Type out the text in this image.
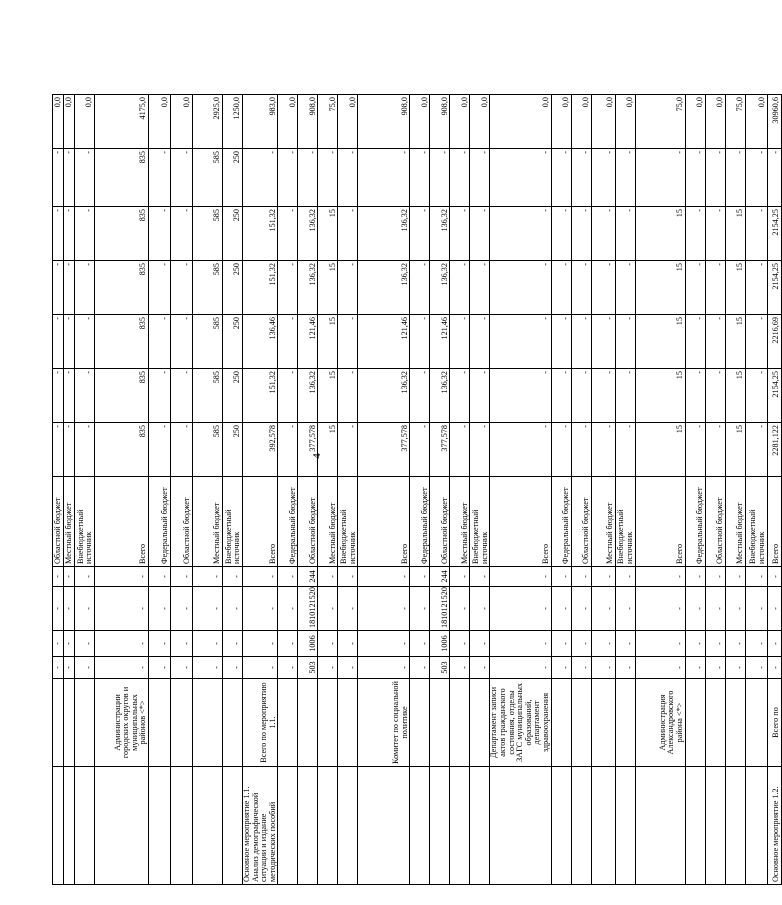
4
		-	-	-	-	Областной бюджет	-	-	-	-	-	-	0,0
		-	-	-	-	Местный бюджет	-	-	-	-	-	-	0,0
		-	-	-	-	Внебюджетный источник	-	-	-	-	-	-	0,0
	Администрации городских округов и муниципальных районов <*>	-	-	-	-	Всего	835	835	835	835	835	835	4175,0
		-	-	-	-	Федеральный бюджет	-	-	-	-	-	-	0,0
		-	-	-	-	Областной бюджет	-	-	-	-	-	-	0,0
		-	-	-	-	Местный бюджет	585	585	585	585	585	585	2925,0
		-	-	-	-	Внебюджетный источник	250	250	250	250	250	250	1250,0
Основное мероприятие 1.1. Анализ демографической ситуации и издание методических пособий	Всего по мероприятию 1.1.	-	-	-	-	Всего	392,578	151,32	136,46	151,32	151,32	-	983,0
		-	-	-	-	Федеральный бюджет	-	-	-	-	-	-	0,0
		503	1006	1810121520	244	Областной бюджет	377,578	136,32	121,46	136,32	136,32	-	908,0
		-	-	-	-	Местный бюджет	15	15	15	15	15	-	75,0
		-	-	-	-	Внебюджетный источник	-	-	-	-	-	-	0,0
	Комитет по социальной политике	-	-	-	-	Всего	377,578	136,32	121,46	136,32	136,32	-	908,0
		-	-	-	-	Федеральный бюджет	-	-	-	-	-	-	0,0
		503	1006	1810121520	244	Областной бюджет	377,578	136,32	121,46	136,32	136,32	-	908,0
		-	-	-	-	Местный бюджет	-	-	-	-	-	-	0,0
		-	-	-	-	Внебюджетный источник	-	-	-	-	-	-	0,0
	Департамент записи актов гражданского состояния, отделы ЗАГС муниципальных образований, департамент здравоохранения	-	-	-	-	Всего	-	-	-	-	-	-	0,0
		-	-	-	-	Федеральный бюджет	-	-	-	-	-	-	0,0
		-	-	-	-	Областной бюджет	-	-	-	-	-	-	0,0
		-	-	-	-	Местный бюджет	-	-	-	-	-	-	0,0
		-	-	-	-	Внебюджетный источник	-	-	-	-	-	-	0,0
	Администрация Александровского района <*>	-	-	-	-	Всего	15	15	15	15	15	-	75,0
		-	-	-	-	Федеральный бюджет	-	-	-	-	-	-	0,0
		-	-	-	-	Областной бюджет	-	-	-	-	-	-	0,0
		-	-	-	-	Местный бюджет	15	15	15	15	15	-	75,0
		-	-	-	-	Внебюджетный источник	-	-	-	-	-	-	0,0
Основное мероприятие 1.2.	Всего по	-	-	-	-	Всего	2281,122	2154,25	2216,69	2154,25	2154,25	-	30960,6
